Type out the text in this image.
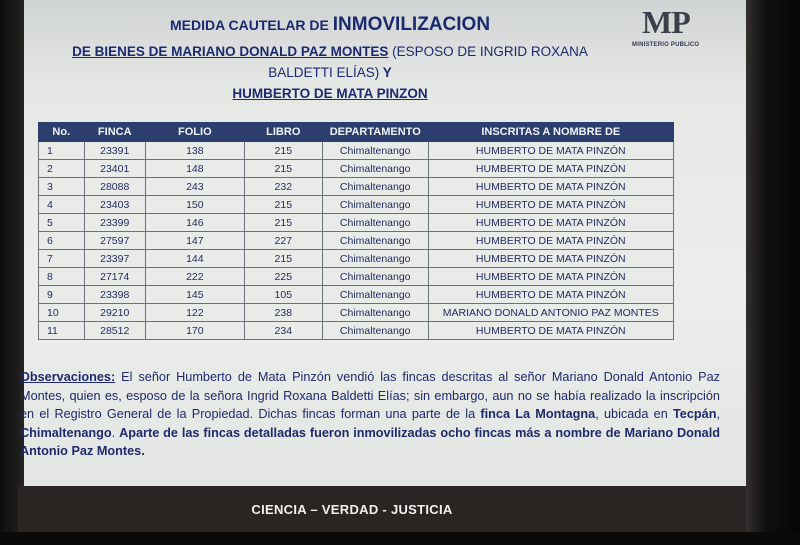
MEDIDA CAUTELAR DE INMOVILIZACION
DE BIENES DE MARIANO DONALD PAZ MONTES (ESPOSO DE INGRID ROXANA
BALDETTI ELÍAS) Y
HUMBERTO DE MATA PINZON
MP
MINISTERIO PUBLICO
No.	FINCA	FOLIO	LIBRO	DEPARTAMENTO	INSCRITAS A NOMBRE DE
1	23391	138	215	Chimaltenango	HUMBERTO DE MATA PINZÓN
2	23401	148	215	Chimaltenango	HUMBERTO DE MATA PINZÓN
3	28088	243	232	Chimaltenango	HUMBERTO DE MATA PINZÓN
4	23403	150	215	Chimaltenango	HUMBERTO DE MATA PINZÓN
5	23399	146	215	Chimaltenango	HUMBERTO DE MATA PINZÓN
6	27597	147	227	Chimaltenango	HUMBERTO DE MATA PINZÓN
7	23397	144	215	Chimaltenango	HUMBERTO DE MATA PINZÓN
8	27174	222	225	Chimaltenango	HUMBERTO DE MATA PINZÓN
9	23398	145	105	Chimaltenango	HUMBERTO DE MATA PINZÓN
10	29210	122	238	Chimaltenango	MARIANO DONALD ANTONIO PAZ MONTES
11	28512	170	234	Chimaltenango	HUMBERTO DE MATA PINZÓN
Observaciones: El señor Humberto de Mata Pinzón vendió las fincas descritas al señor Mariano Donald Antonio Paz Montes, quien es, esposo de la señora Ingrid Roxana Baldetti Elías; sin embargo, aun no se había realizado la inscripción en el Registro General de la Propiedad. Dichas fincas forman una parte de la finca La Montagna, ubicada en Tecpán, Chimaltenango. Aparte de las fincas detalladas fueron inmovilizadas ocho fincas más a nombre de Mariano Donald Antonio Paz Montes.
CIENCIA – VERDAD - JUSTICIA
